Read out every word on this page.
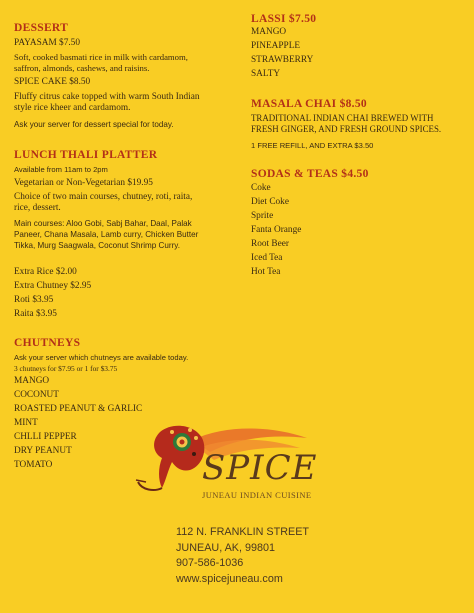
DESSERT
PAYASAM $7.50
Soft, cooked basmati rice in milk with cardamom,
saffron, almonds, cashews, and raisins.
SPICE CAKE $8.50
Fluffy citrus cake topped with warm South Indian
style rice kheer and cardamom.
Ask your server for dessert special for today.
LUNCH THALI PLATTER
Available from 11am to 2pm
Vegetarian or Non-Vegetarian $19.95
Choice of two main courses, chutney, roti, raita,
rice, dessert.
Main courses: Aloo Gobi, Sabj Bahar, Daal, Palak
Paneer, Chana Masala, Lamb curry, Chicken Butter
Tikka, Murg Saagwala, Coconut Shrimp Curry.
Extra Rice $2.00
Extra Chutney $2.95
Roti $3.95
Raita $3.95
CHUTNEYS
Ask your server which chutneys are available today.
3 chutneys for $7.95 or 1 for $3.75
MANGO
COCONUT
ROASTED PEANUT & GARLIC
MINT
CHLLI PEPPER
DRY PEANUT
TOMATO
LASSI $7.50
MANGO
PINEAPPLE
STRAWBERRY
SALTY
MASALA CHAI $8.50
TRADITIONAL INDIAN CHAI BREWED WITH
FRESH GINGER, AND FRESH GROUND SPICES.
1 FREE REFILL, AND EXTRA $3.50
SODAS & TEAS $4.50
Coke
Diet Coke
Sprite
Fanta Orange
Root Beer
Iced Tea
Hot Tea
SPICE
JUNEAU INDIAN CUISINE
112 N. FRANKLIN STREET
JUNEAU, AK, 99801
907-586-1036
www.spicejuneau.com
